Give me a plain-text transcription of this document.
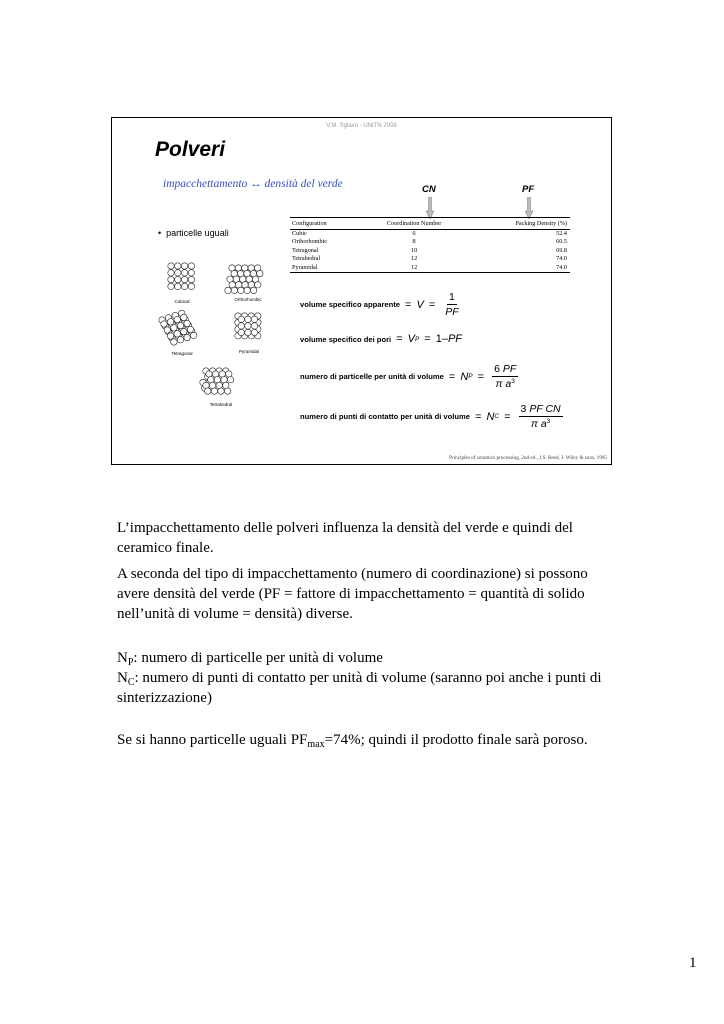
V.M. Sglavo - UNITN 2008
Polveri
impacchettamento ↔ densità del verde	CN	PF
• particelle uguali
Configuration	Coordination Number	Packing Density (%)
Cubic	6	52.4
Orthorhombic	8	60.5
Tetragonal	10	69.8
Tetrahedral	12	74.0
Pyramidal	12	74.0
Cubical	Orthorhombic
Tetragonal	Pyramidal
Tetrahedral
volume specifico apparente = $V = \frac{1}{PF}$
volume specifico dei pori = V P = 1 – PF
numero di particelle per unità di volume = N $P = \frac{6 PF}{\pi a^3}$
numero di punti di contatto per unità di volume = N $C = \frac{\text{3 PF CN}}{\pi a^3}$
Principles of ceramics processing, 2nd ed., J.S. Reed, J. Wiley & sons, 1995

L’impacchettamento delle polveri influenza la densità del verde e quindi del ceramico finale.

A seconda del tipo di impacchettamento (numero di coordinazione) si possono avere densità del verde (PF = fattore di impacchettamento = quantità di solido nell’unità di volume = densità) diverse.

$N_P$: numero di particelle per unità di volume

$N_C$: numero di punti di contatto per unità di volume (saranno poi anche i punti di sinterizzazione)

Se si hanno particelle uguali $PF_{max}=74\%$; quindi il prodotto finale sarà poroso.

1
